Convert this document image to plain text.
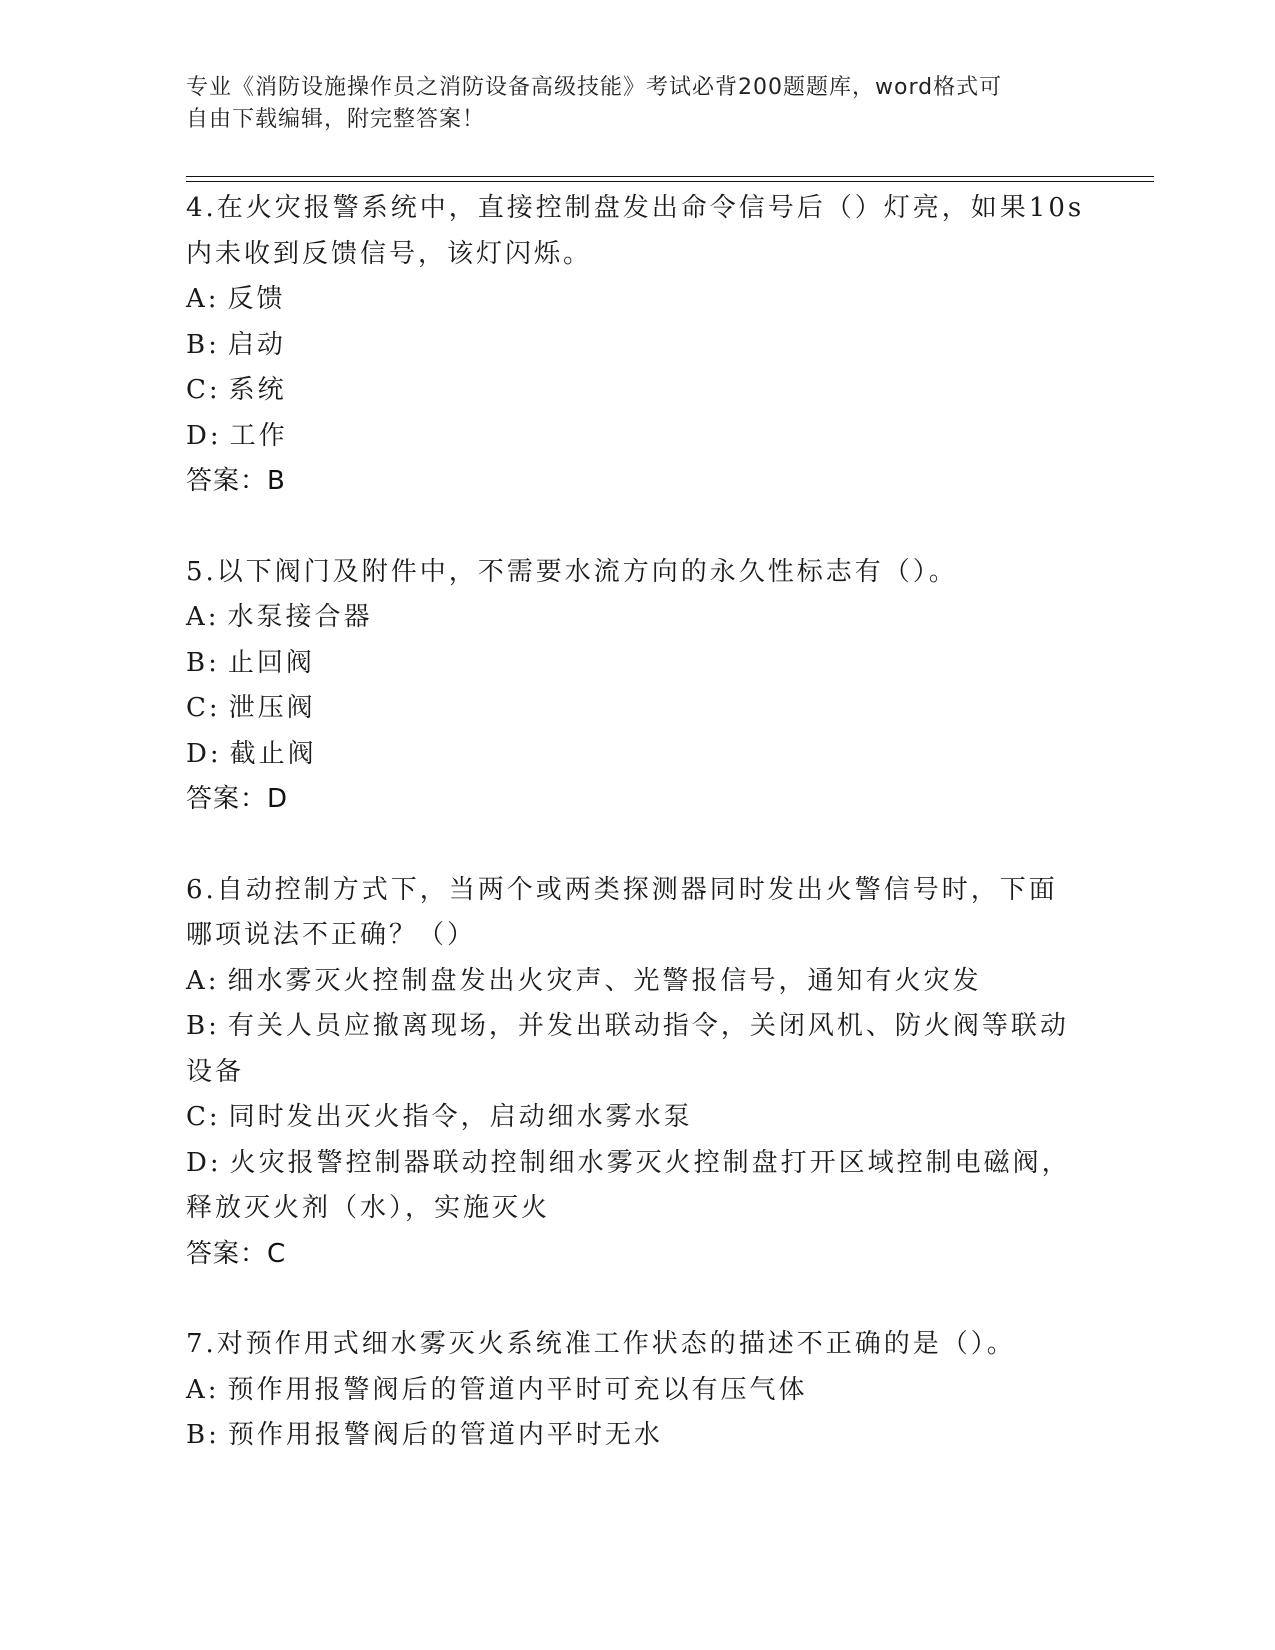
专业《消防设施操作员之消防设备高级技能》考试必背200题题库，word格式可
自由下载编辑，附完整答案！

4.在火灾报警系统中，直接控制盘发出命令信号后（）灯亮，如果10s

内未收到反馈信号，该灯闪烁。

A: 反馈

B: 启动

C: 系统

D: 工作

答案：B

5.以下阀门及附件中，不需要水流方向的永久性标志有（）。

A: 水泵接合器

B: 止回阀

C: 泄压阀

D: 截止阀

答案：D

6.自动控制方式下，当两个或两类探测器同时发出火警信号时，下面

哪项说法不正确？（）

A: 细水雾灭火控制盘发出火灾声、光警报信号，通知有火灾发

B: 有关人员应撤离现场，并发出联动指令，关闭风机、防火阀等联动

设备

C: 同时发出灭火指令，启动细水雾水泵

D: 火灾报警控制器联动控制细水雾灭火控制盘打开区域控制电磁阀，

释放灭火剂（水），实施灭火

答案：C

7.对预作用式细水雾灭火系统准工作状态的描述不正确的是（）。

A: 预作用报警阀后的管道内平时可充以有压气体

B: 预作用报警阀后的管道内平时无水
